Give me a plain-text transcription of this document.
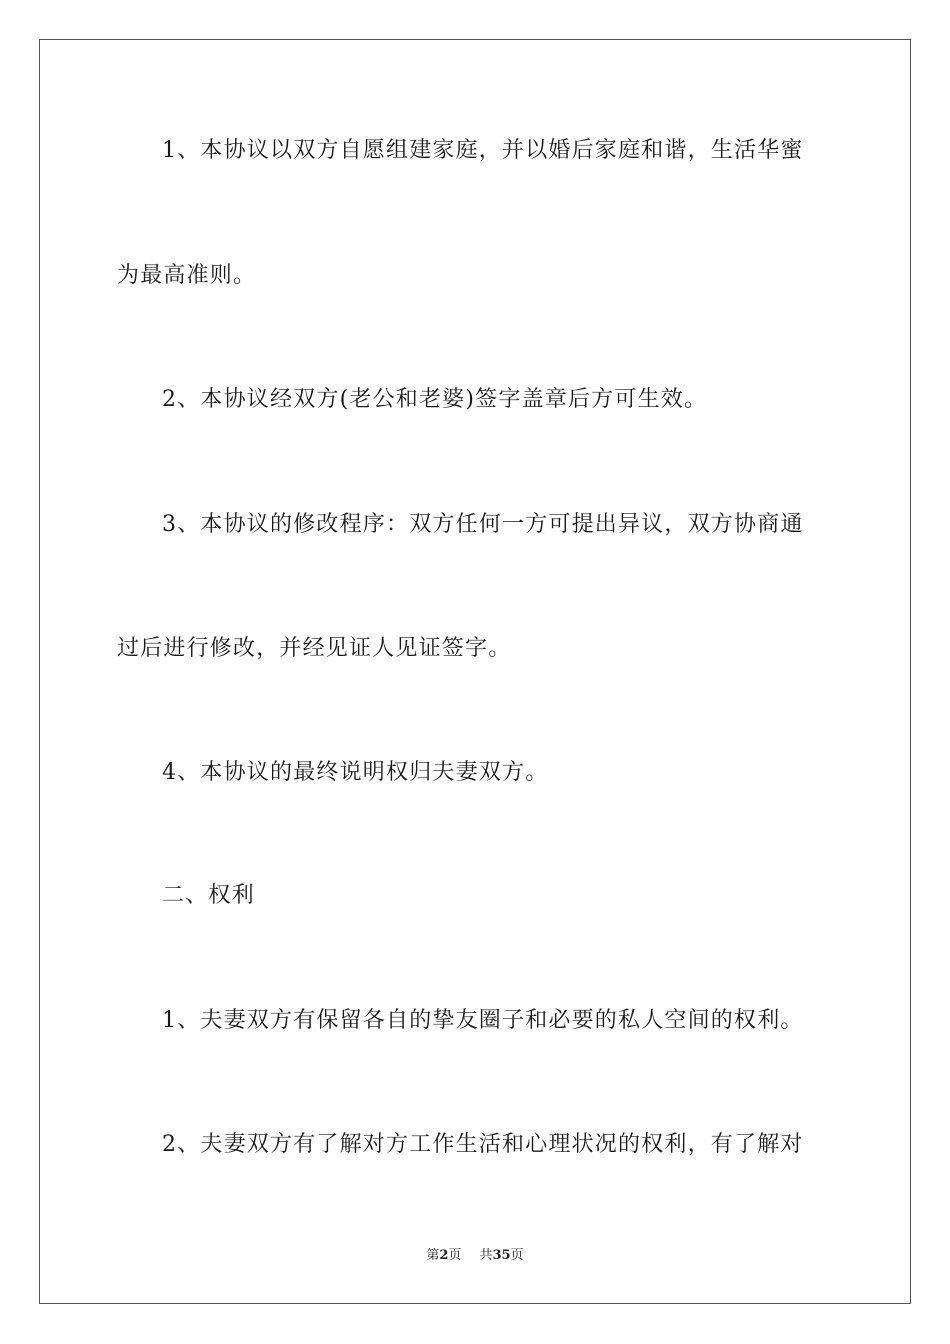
1、本协议以双方自愿组建家庭，并以婚后家庭和谐，生活华蜜
为最高准则。
2、本协议经双方(老公和老婆)签字盖章后方可生效。
3、本协议的修改程序：双方任何一方可提出异议，双方协商通
过后进行修改，并经见证人见证签字。
4、本协议的最终说明权归夫妻双方。
二、权利
1、夫妻双方有保留各自的挚友圈子和必要的私人空间的权利。
2、夫妻双方有了解对方工作生活和心理状况的权利，有了解对
第2页 共35页
